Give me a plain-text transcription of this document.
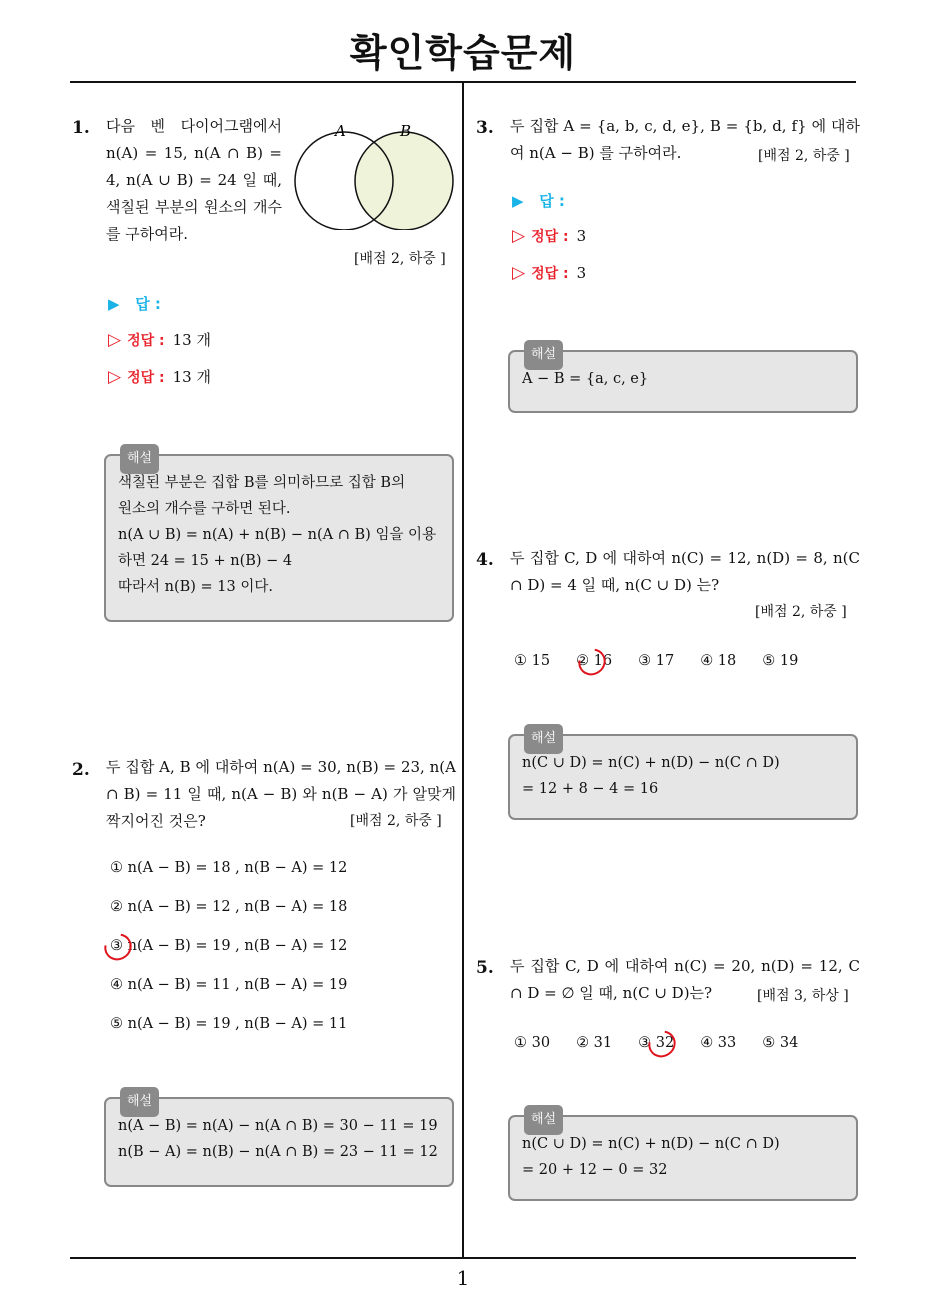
확인학습문제
1
1. 다음 벤 다이어그램에서 n(A) = 15, n(A ∩ B) = 4, n(A ∪ B) = 24 일 때, 색칠된 부분의 원소의 개수를 구하여라.
A	B
[배점 2, 하중 ]
▶ 답 :
▷ 정답 : 13 개
▷ 정답 : 13 개
해설
색칠된 부분은 집합 B를 의미하므로 집합 B의
원소의 개수를 구하면 된다.
n(A ∪ B) = n(A) + n(B) − n(A ∩ B) 임을 이용
하면 24 = 15 + n(B) − 4
따라서 n(B) = 13 이다.
2. 두 집합 A, B 에 대하여 n(A) = 30, n(B) = 23, n(A ∩ B) = 11 일 때, n(A − B) 와 n(B − A) 가 알맞게 짝지어진 것은?	[배점 2, 하중 ]
① n(A − B) = 18 , n(B − A) = 12
② n(A − B) = 12 , n(B − A) = 18
③ n(A − B) = 19 , n(B − A) = 12
④ n(A − B) = 11 , n(B − A) = 19
⑤ n(A − B) = 19 , n(B − A) = 11
해설
n(A − B) = n(A) − n(A ∩ B) = 30 − 11 = 19
n(B − A) = n(B) − n(A ∩ B) = 23 − 11 = 12
3. 두 집합 A = {a, b, c, d, e}, B = {b, d, f} 에 대하여 n(A − B) 를 구하여라.	[배점 2, 하중 ]
▶ 답 :
▷ 정답 : 3
▷ 정답 : 3
해설
A − B = {a, c, e}
4. 두 집합 C, D 에 대하여 n(C) = 12, n(D) = 8, n(C ∩ D) = 4 일 때, n(C ∪ D) 는?
[배점 2, 하중 ]
① 15 ② 16 ③ 17 ④ 18 ⑤ 19
해설
n(C ∪ D) = n(C) + n(D) − n(C ∩ D)
= 12 + 8 − 4 = 16
5. 두 집합 C, D 에 대하여 n(C) = 20, n(D) = 12, C ∩ D = ∅ 일 때, n(C ∪ D)는?	[배점 3, 하상 ]
① 30 ② 31 ③ 32 ④ 33 ⑤ 34
해설
n(C ∪ D) = n(C) + n(D) − n(C ∩ D)
= 20 + 12 − 0 = 32
